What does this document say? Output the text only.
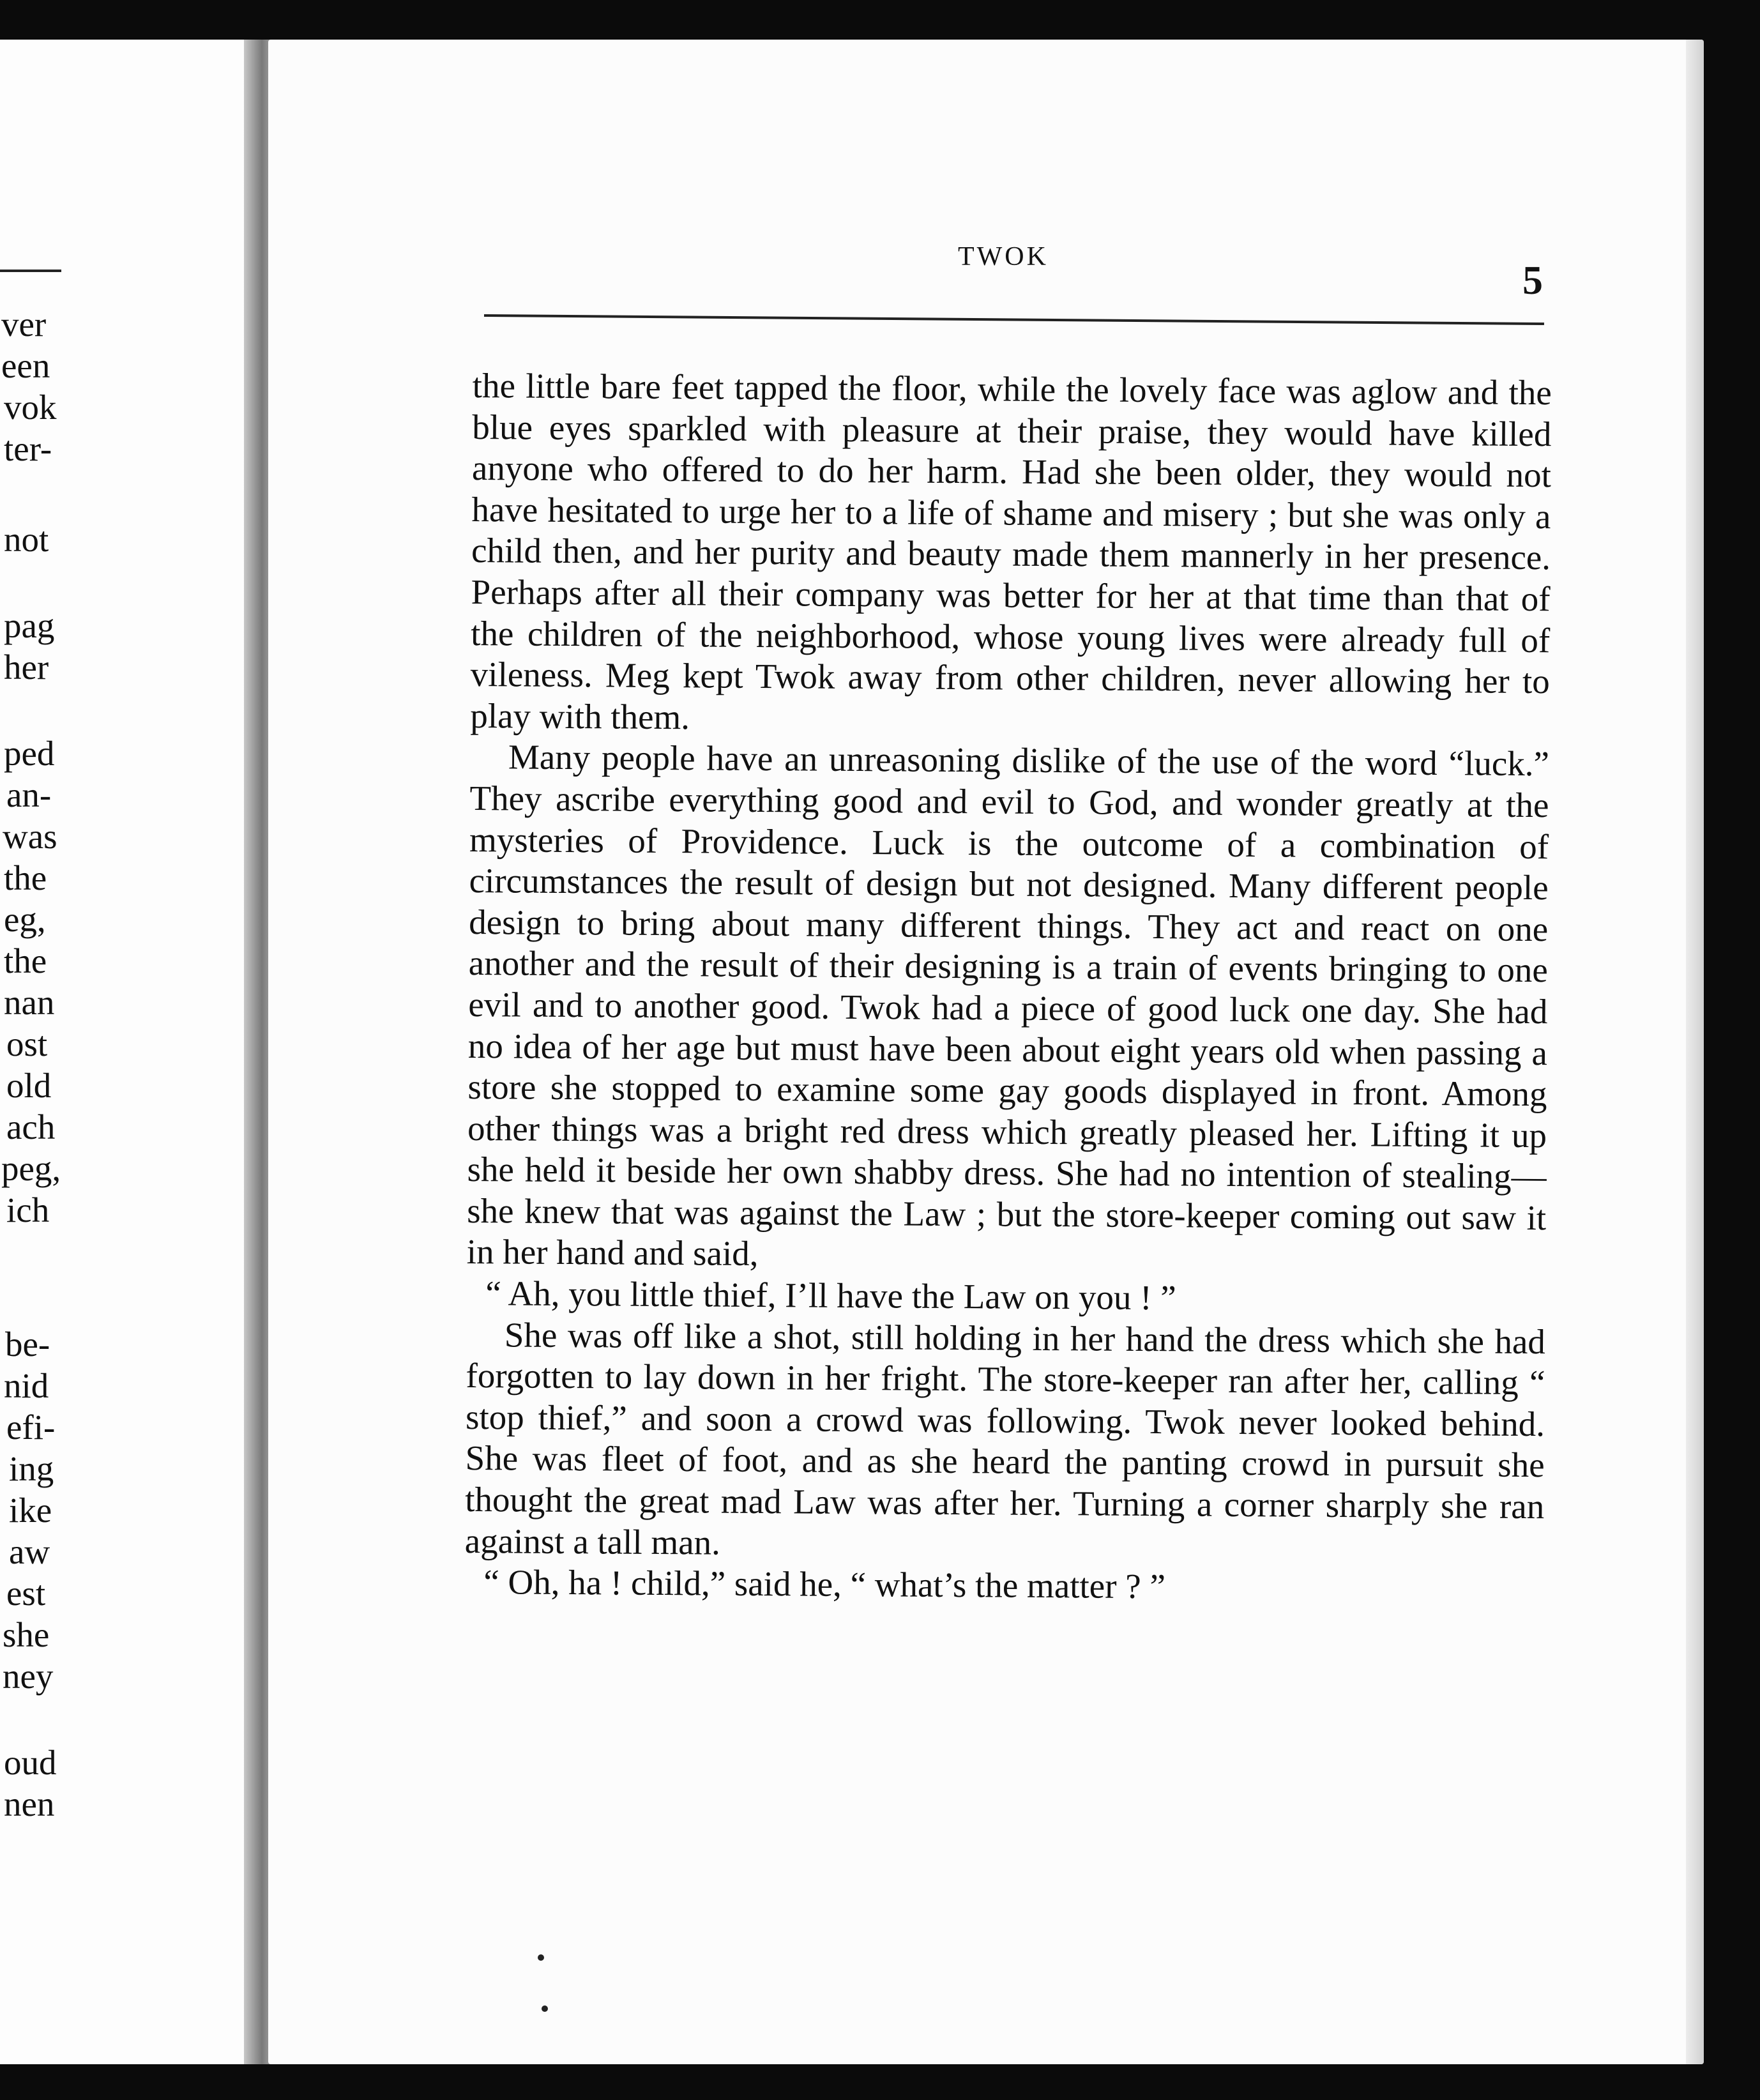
ver
een
vok
ter-
not
pag
her
ped
an-
was
the
eg,
the
nan
ost
old
ach
peg,
ich
be-
nid
efi-
ing
ike
aw
est
she
ney
oud
nen
TWOK
5

the little bare feet tapped the floor, while the lovely face was aglow and the blue eyes sparkled with pleasure at their praise, they would have killed anyone who offered to do her harm. Had she been older, they would not have hesitated to urge her to a life of shame and misery ; but she was only a child then, and her purity and beauty made them mannerly in her presence. Perhaps after all their company was better for her at that time than that of the children of the neighborhood, whose young lives were already full of vileness. Meg kept Twok away from other children, never allowing her to play with them.

Many people have an unreasoning dislike of the use of the word “luck.” They ascribe everything good and evil to God, and wonder greatly at the mysteries of Providence. Luck is the outcome of a combination of circumstances the result of design but not designed. Many different people design to bring about many different things. They act and react on one another and the result of their designing is a train of events bringing to one evil and to another good. Twok had a piece of good luck one day. She had no idea of her age but must have been about eight years old when passing a store she stopped to examine some gay goods displayed in front. Among other things was a bright red dress which greatly pleased her. Lifting it up she held it beside her own shabby dress. She had no intention of stealing—she knew that was against the Law ; but the store-keeper coming out saw it in her hand and said,

“ Ah, you little thief, I’ll have the Law on you ! ”

She was off like a shot, still holding in her hand the dress which she had forgotten to lay down in her fright. The store-keeper ran after her, calling “ stop thief,” and soon a crowd was following. Twok never looked behind. She was fleet of foot, and as she heard the panting crowd in pursuit she thought the great mad Law was after her. Turning a corner sharply she ran against a tall man.

“ Oh, ha ! child,” said he, “ what’s the matter ? ”
